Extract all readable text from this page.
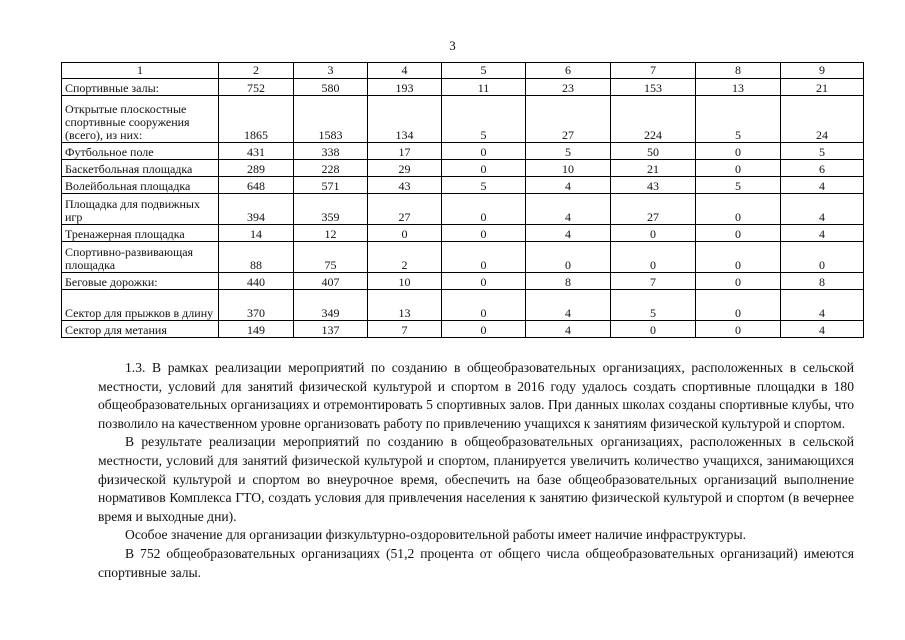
3
1	2	3	4	5	6	7	8	9
Спортивные залы:	752	580	193	11	23	153	13	21
Открытые плоскостные спортивные сооружения (всего), из них:	1865	1583	134	5	27	224	5	24
Футбольное поле	431	338	17	0	5	50	0	5
Баскетбольная площадка	289	228	29	0	10	21	0	6
Волейбольная площадка	648	571	43	5	4	43	5	4
Площадка для подвижных игр	394	359	27	0	4	27	0	4
Тренажерная площадка	14	12	0	0	4	0	0	4
Спортивно-развивающая площадка	88	75	2	0	0	0	0	0
Беговые дорожки:	440	407	10	0	8	7	0	8
Сектор для прыжков в длину	370	349	13	0	4	5	0	4
Сектор для метания	149	137	7	0	4	0	0	4

1.3. В рамках реализации мероприятий по созданию в общеобразовательных организациях, расположенных в сельской местности, условий для занятий физической культурой и спортом в 2016 году удалось создать спортивные площадки в 180 общеобразовательных организациях и отремонтировать 5 спортивных залов. При данных школах созданы спортивные клубы, что позволило на качественном уровне организовать работу по привлечению учащихся к занятиям физической культурой и спортом.

В результате реализации мероприятий по созданию в общеобразовательных организациях, расположенных в сельской местности, условий для занятий физической культурой и спортом, планируется увеличить количество учащихся, занимающихся физической культурой и спортом во внеурочное время, обеспечить на базе общеобразовательных организаций выполнение нормативов Комплекса ГТО, создать условия для привлечения населения к занятию физической культурой и спортом (в вечернее время и выходные дни).

Особое значение для организации физкультурно-оздоровительной работы имеет наличие инфраструктуры.

В 752 общеобразовательных организациях (51,2 процента от общего числа общеобразовательных организаций) имеются спортивные залы.
